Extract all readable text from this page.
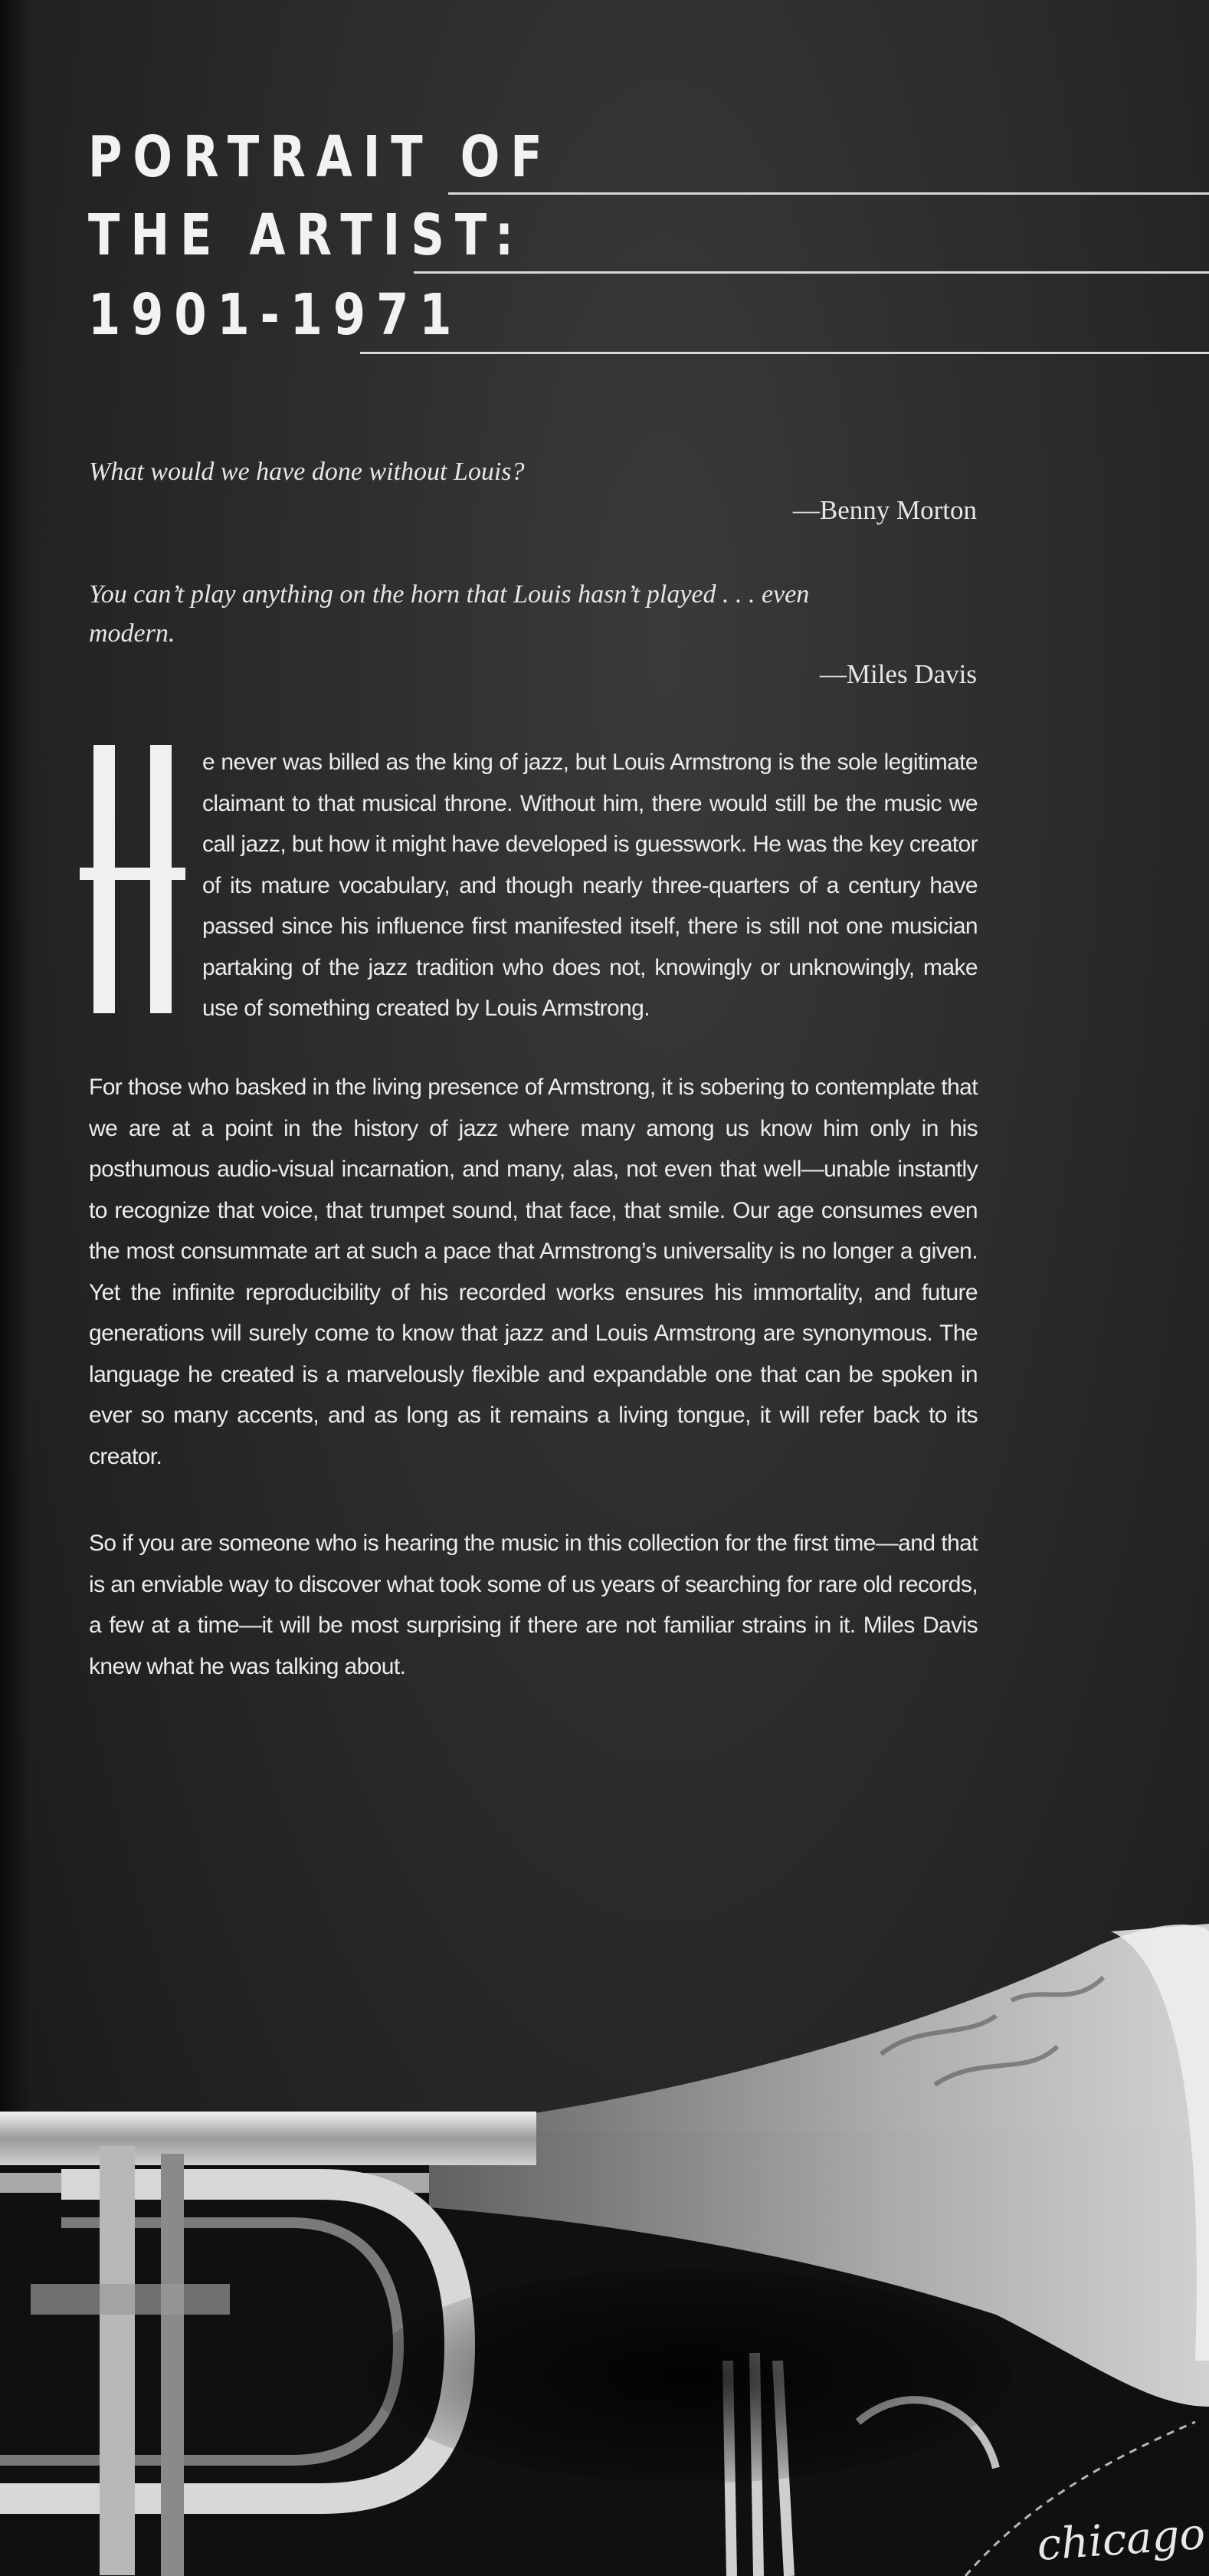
PORTRAIT OF
THE ARTIST:
1901-1971
What would we have done without Louis?
—Benny Morton
You can’t play anything on the horn that Louis hasn’t played . . . even modern.
—Miles Davis
H
e never was billed as the king of jazz, but Louis Armstrong is the sole legitimate claimant to that musical throne. Without him, there would still be the music we call jazz, but how it might have developed is guesswork. He was the key creator of its mature vocabulary, and though nearly three-quarters of a century have passed since his influence first manifested itself, there is still not one musician partaking of the jazz tradition who does not, knowingly or unknowingly, make use of something created by Louis Armstrong.
For those who basked in the living presence of Armstrong, it is sobering to contemplate that we are at a point in the history of jazz where many among us know him only in his posthumous audio-visual incarnation, and many, alas, not even that well—unable instantly to recognize that voice, that trumpet sound, that face, that smile. Our age consumes even the most consummate art at such a pace that Armstrong’s universality is no longer a given. Yet the infinite reproducibility of his recorded works ensures his immortality, and future generations will surely come to know that jazz and Louis Armstrong are synonymous. The language he created is a marvelously flexible and expandable one that can be spoken in ever so many accents, and as long as it remains a living tongue, it will refer back to its creator.
So if you are someone who is hearing the music in this collection for the first time—and that is an enviable way to discover what took some of us years of searching for rare old records, a few at a time—it will be most surprising if there are not familiar strains in it. Miles Davis knew what he was talking about.
chicago
